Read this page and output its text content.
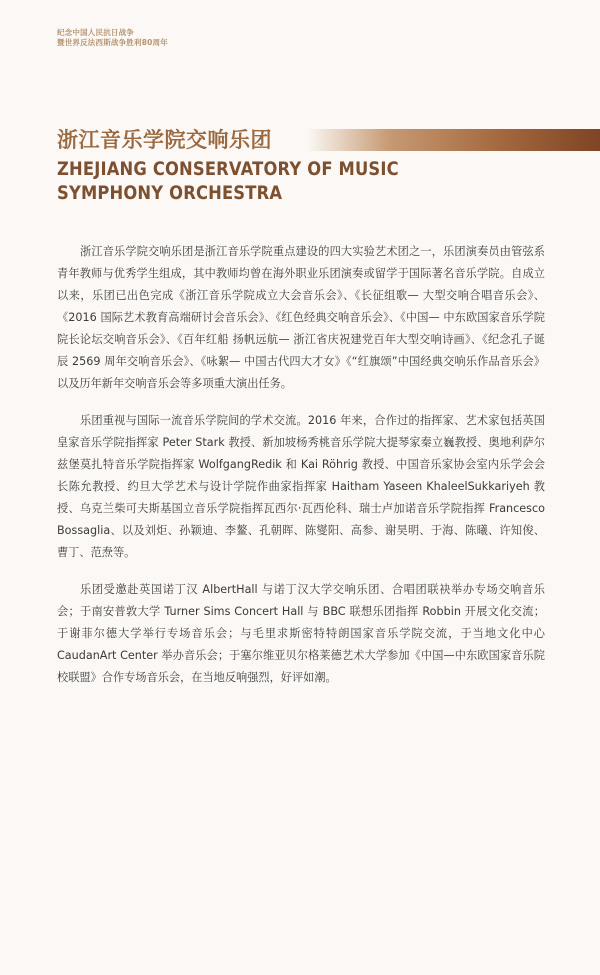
纪念中国人民抗日战争
暨世界反法西斯战争胜利80周年
浙江音乐学院交响乐团
ZHEJIANG CONSERVATORY OF MUSIC
SYMPHONY ORCHESTRA

浙江音乐学院交响乐团是浙江音乐学院重点建设的四大实验艺术团之一，乐团演奏员由管弦系青年教师与优秀学生组成，其中教师均曾在海外职业乐团演奏或留学于国际著名音乐学院。自成立以来，乐团已出色完成《浙江音乐学院成立大会音乐会》、《长征组歌— 大型交响合唱音乐会》、《2016 国际艺术教育高端研讨会音乐会》、《红色经典交响音乐会》、《中国— 中东欧国家音乐学院院长论坛交响音乐会》、《百年红船 扬帆远航— 浙江省庆祝建党百年大型交响诗画》、《纪念孔子诞辰 2569 周年交响音乐会》、《咏絮— 中国古代四大才女》《“红旗颂”中国经典交响乐作品音乐会》以及历年新年交响音乐会等多项重大演出任务。

乐团重视与国际一流音乐学院间的学术交流。2016 年来，合作过的指挥家、艺术家包括英国皇家音乐学院指挥家 Peter Stark 教授、新加坡杨秀桃音乐学院大提琴家秦立巍教授、奥地利萨尔兹堡莫扎特音乐学院指挥家 WolfgangRedik 和 Kai Röhrig 教授、中国音乐家协会室内乐学会会长陈允教授、约旦大学艺术与设计学院作曲家指挥家 Haitham Yaseen KhaleelSukkariyeh 教授、乌克兰柴可夫斯基国立音乐学院指挥瓦西尔·瓦西伦科、瑞士卢加诺音乐学院指挥 Francesco Bossaglia、以及刘炬、孙颖迪、李鳌、孔朝晖、陈燮阳、高参、谢昊明、于海、陈曦、许知俊、曹丁、范焘等。

乐团受邀赴英国诺丁汉 AlbertHall 与诺丁汉大学交响乐团、合唱团联袂举办专场交响音乐会；于南安普敦大学 Turner Sims Concert Hall 与 BBC 联想乐团指挥 Robbin 开展文化交流；于谢菲尔德大学举行专场音乐会；与毛里求斯密特特朗国家音乐学院交流，于当地文化中心 CaudanArt Center 举办音乐会；于塞尔维亚贝尔格莱德艺术大学参加《中国—中东欧国家音乐院校联盟》合作专场音乐会，在当地反响强烈，好评如潮。
